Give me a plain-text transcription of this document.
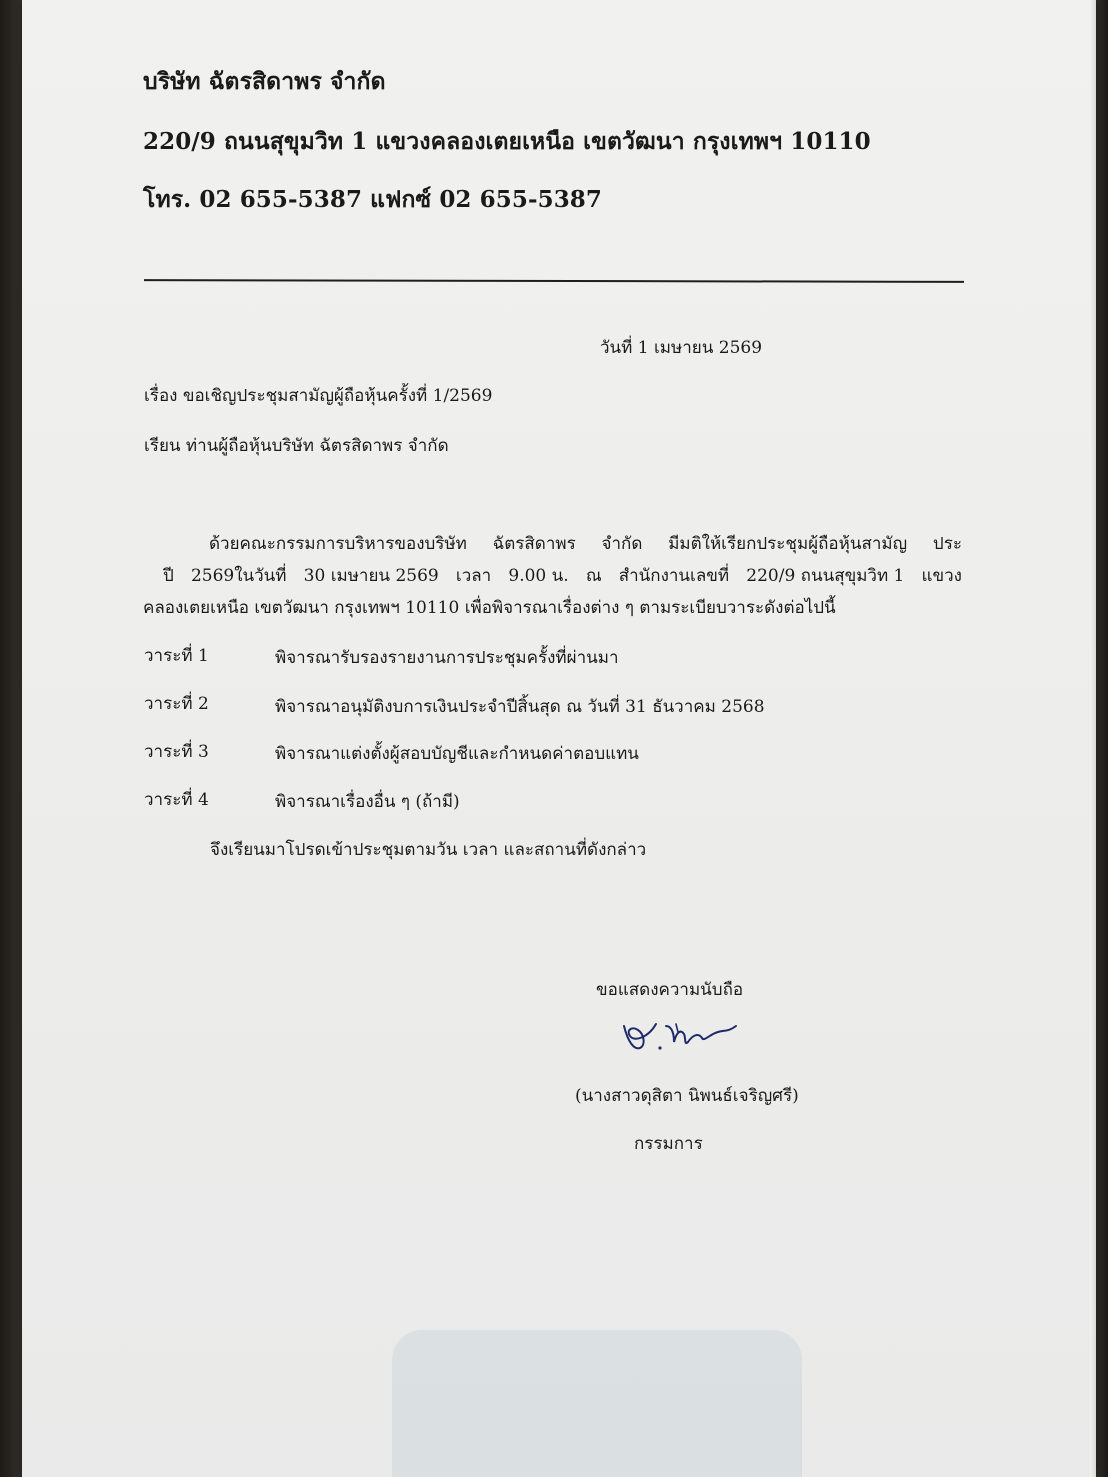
บริษัท ฉัตรสิดาพร จำกัด
220/9 ถนนสุขุมวิท 1 แขวงคลองเตยเหนือ เขตวัฒนา กรุงเทพฯ 10110
โทร. 02 655-5387 แฟกซ์ 02 655-5387
วันที่ 1 เมษายน 2569
เรื่อง ขอเชิญประชุมสามัญผู้ถือหุ้นครั้งที่ 1/2569
เรียน ท่านผู้ถือหุ้นบริษัท ฉัตรสิดาพร จำกัด
ด้วยคณะกรรมการบริหารของบริษัท ฉัตรสิดาพร จำกัด มีมติให้เรียกประชุมผู้ถือหุ้นสามัญ ประ
ปี 2569ในวันที่ 30 เมษายน 2569 เวลา 9.00 น. ณ สำนักงานเลขที่ 220/9 ถนนสุขุมวิท 1 แขวง
คลองเตยเหนือ เขตวัฒนา กรุงเทพฯ 10110 เพื่อพิจารณาเรื่องต่าง ๆ ตามระเบียบวาระดังต่อไปนี้
วาระที่ 1	พิจารณารับรองรายงานการประชุมครั้งที่ผ่านมา
วาระที่ 2	พิจารณาอนุมัติงบการเงินประจำปีสิ้นสุด ณ วันที่ 31 ธันวาคม 2568
วาระที่ 3	พิจารณาแต่งตั้งผู้สอบบัญชีและกำหนดค่าตอบแทน
วาระที่ 4	พิจารณาเรื่องอื่น ๆ (ถ้ามี)
จึงเรียนมาโปรดเข้าประชุมตามวัน เวลา และสถานที่ดังกล่าว
ขอแสดงความนับถือ
(นางสาวดุสิตา นิพนธ์เจริญศรี)
กรรมการ
